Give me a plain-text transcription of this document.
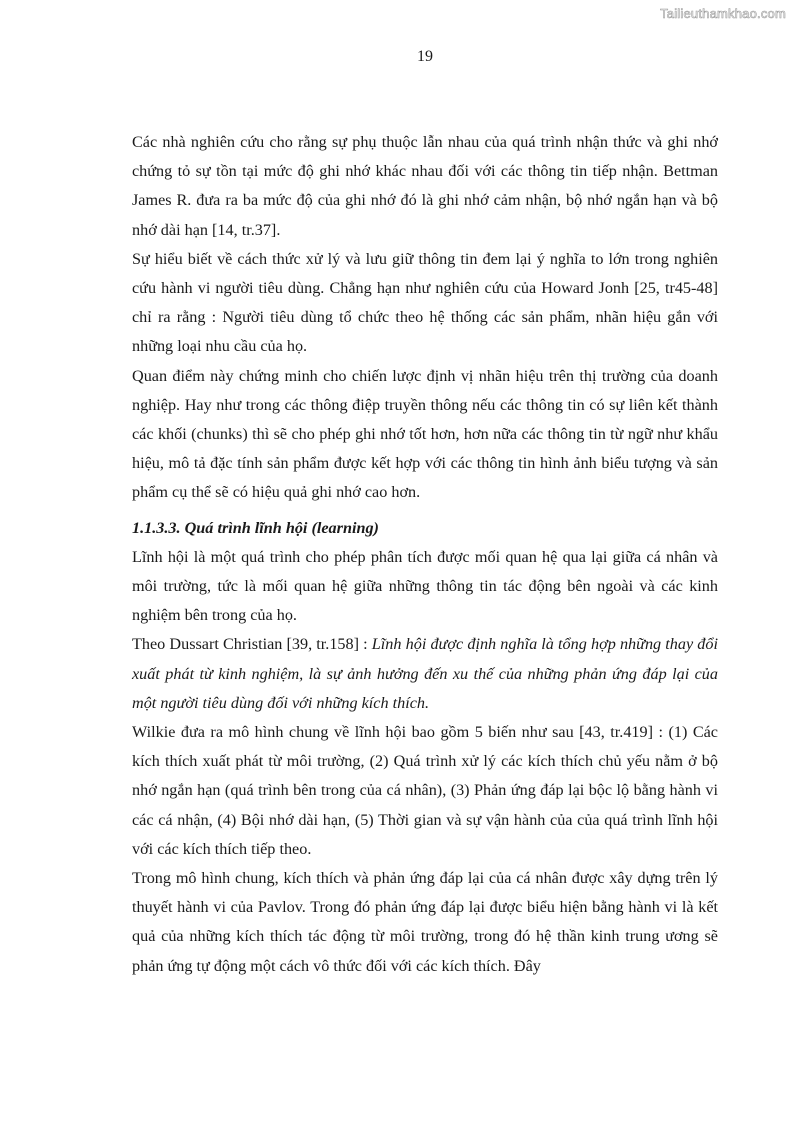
Tailieuthamkhao.com
19

Các nhà nghiên cứu cho rằng sự phụ thuộc lẫn nhau của quá trình nhận thức và ghi nhớ chứng tỏ sự tồn tại mức độ ghi nhớ khác nhau đối với các thông tin tiếp nhận. Bettman James R. đưa ra ba mức độ của ghi nhớ đó là ghi nhớ cảm nhận, bộ nhớ ngắn hạn và bộ nhớ dài hạn [14, tr.37].

Sự hiểu biết về cách thức xử lý và lưu giữ thông tin đem lại ý nghĩa to lớn trong nghiên cứu hành vi người tiêu dùng. Chẳng hạn như nghiên cứu của Howard Jonh [25, tr45-48] chỉ ra rằng : Người tiêu dùng tổ chức theo hệ thống các sản phẩm, nhãn hiệu gắn với những loại nhu cầu của họ.

Quan điểm này chứng minh cho chiến lược định vị nhãn hiệu trên thị trường của doanh nghiệp. Hay như trong các thông điệp truyền thông nếu các thông tin có sự liên kết thành các khối (chunks) thì sẽ cho phép ghi nhớ tốt hơn, hơn nữa các thông tin từ ngữ như khẩu hiệu, mô tả đặc tính sản phẩm được kết hợp với các thông tin hình ảnh biểu tượng và sản phẩm cụ thể sẽ có hiệu quả ghi nhớ cao hơn.

1.1.3.3. Quá trình lĩnh hội (learning)

Lĩnh hội là một quá trình cho phép phân tích được mối quan hệ qua lại giữa cá nhân và môi trường, tức là mối quan hệ giữa những thông tin tác động bên ngoài và các kinh nghiệm bên trong của họ.

Theo Dussart Christian [39, tr.158] : Lĩnh hội được định nghĩa là tổng hợp những thay đổi xuất phát từ kinh nghiệm, là sự ảnh hưởng đến xu thế của những phản ứng đáp lại của một người tiêu dùng đối với những kích thích.

Wilkie đưa ra mô hình chung về lĩnh hội bao gồm 5 biến như sau [43, tr.419] : (1) Các kích thích xuất phát từ môi trường, (2) Quá trình xử lý các kích thích chủ yếu nằm ở bộ nhớ ngắn hạn (quá trình bên trong của cá nhân), (3) Phản ứng đáp lại bộc lộ bằng hành vi các cá nhận, (4) Bội nhớ dài hạn, (5) Thời gian và sự vận hành của của quá trình lĩnh hội với các kích thích tiếp theo.

Trong mô hình chung, kích thích và phản ứng đáp lại của cá nhân được xây dựng trên lý thuyết hành vi của Pavlov. Trong đó phản ứng đáp lại được biểu hiện bằng hành vi là kết quả của những kích thích tác động từ môi trường, trong đó hệ thần kinh trung ương sẽ phản ứng tự động một cách vô thức đối với các kích thích. Đây
